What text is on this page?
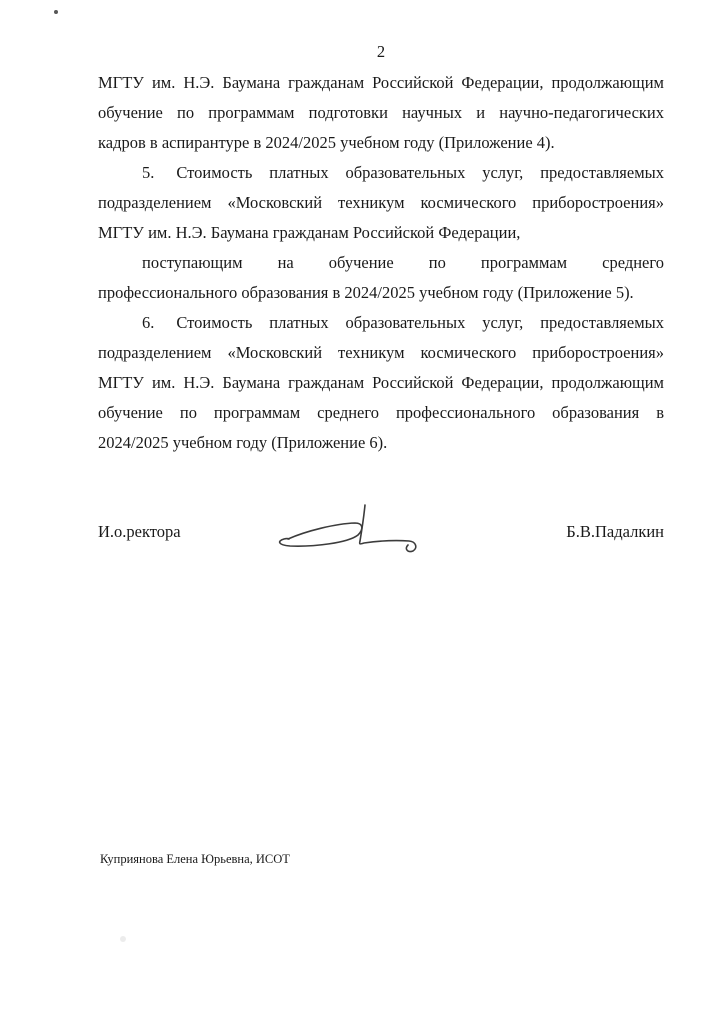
2
МГТУ им. Н.Э. Баумана гражданам Российской Федерации, продолжающим
обучение по программам подготовки научных и научно-педагогических
кадров в аспирантуре в 2024/2025 учебном году (Приложение 4).
5. Стоимость платных образовательных услуг, предоставляемых
подразделением «Московский техникум космического приборостроения»
МГТУ им. Н.Э. Баумана гражданам Российской Федерации,
поступающим на обучение по программам среднего
профессионального образования в 2024/2025 учебном году (Приложение 5).
6. Стоимость платных образовательных услуг, предоставляемых
подразделением «Московский техникум космического приборостроения»
МГТУ им. Н.Э. Баумана гражданам Российской Федерации, продолжающим
обучение по программам среднего профессионального образования в
2024/2025 учебном году (Приложение 6).
И.о.ректора	Б.В.Падалкин
Куприянова Елена Юрьевна, ИСОТ
